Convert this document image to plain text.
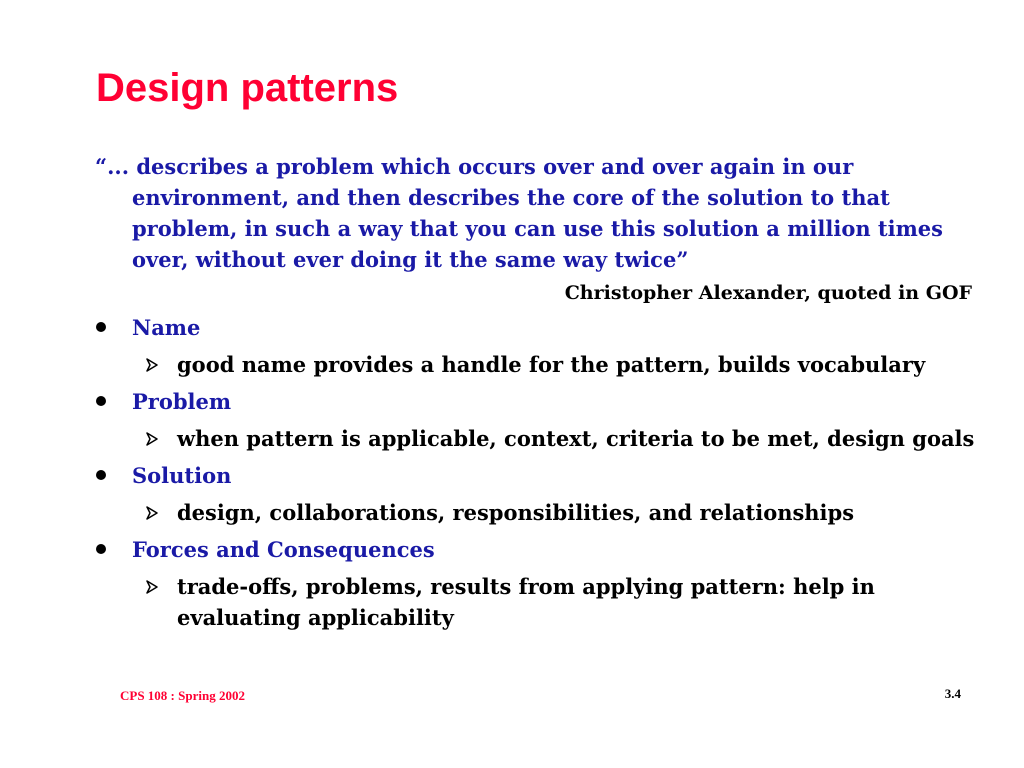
Design patterns

“... describes a problem which occurs over and over again in our environment, and then describes the core of the solution to that problem, in such a way that you can use this solution a million times over, without ever doing it the same way twice”

Christopher Alexander, quoted in GOF

Name
good name provides a handle for the pattern, builds vocabulary
Problem
when pattern is applicable, context, criteria to be met, design goals
Solution
design, collaborations, responsibilities, and relationships
Forces and Consequences
trade-offs, problems, results from applying pattern: help in evaluating applicability
CPS 108 : Spring 2002	3.4
